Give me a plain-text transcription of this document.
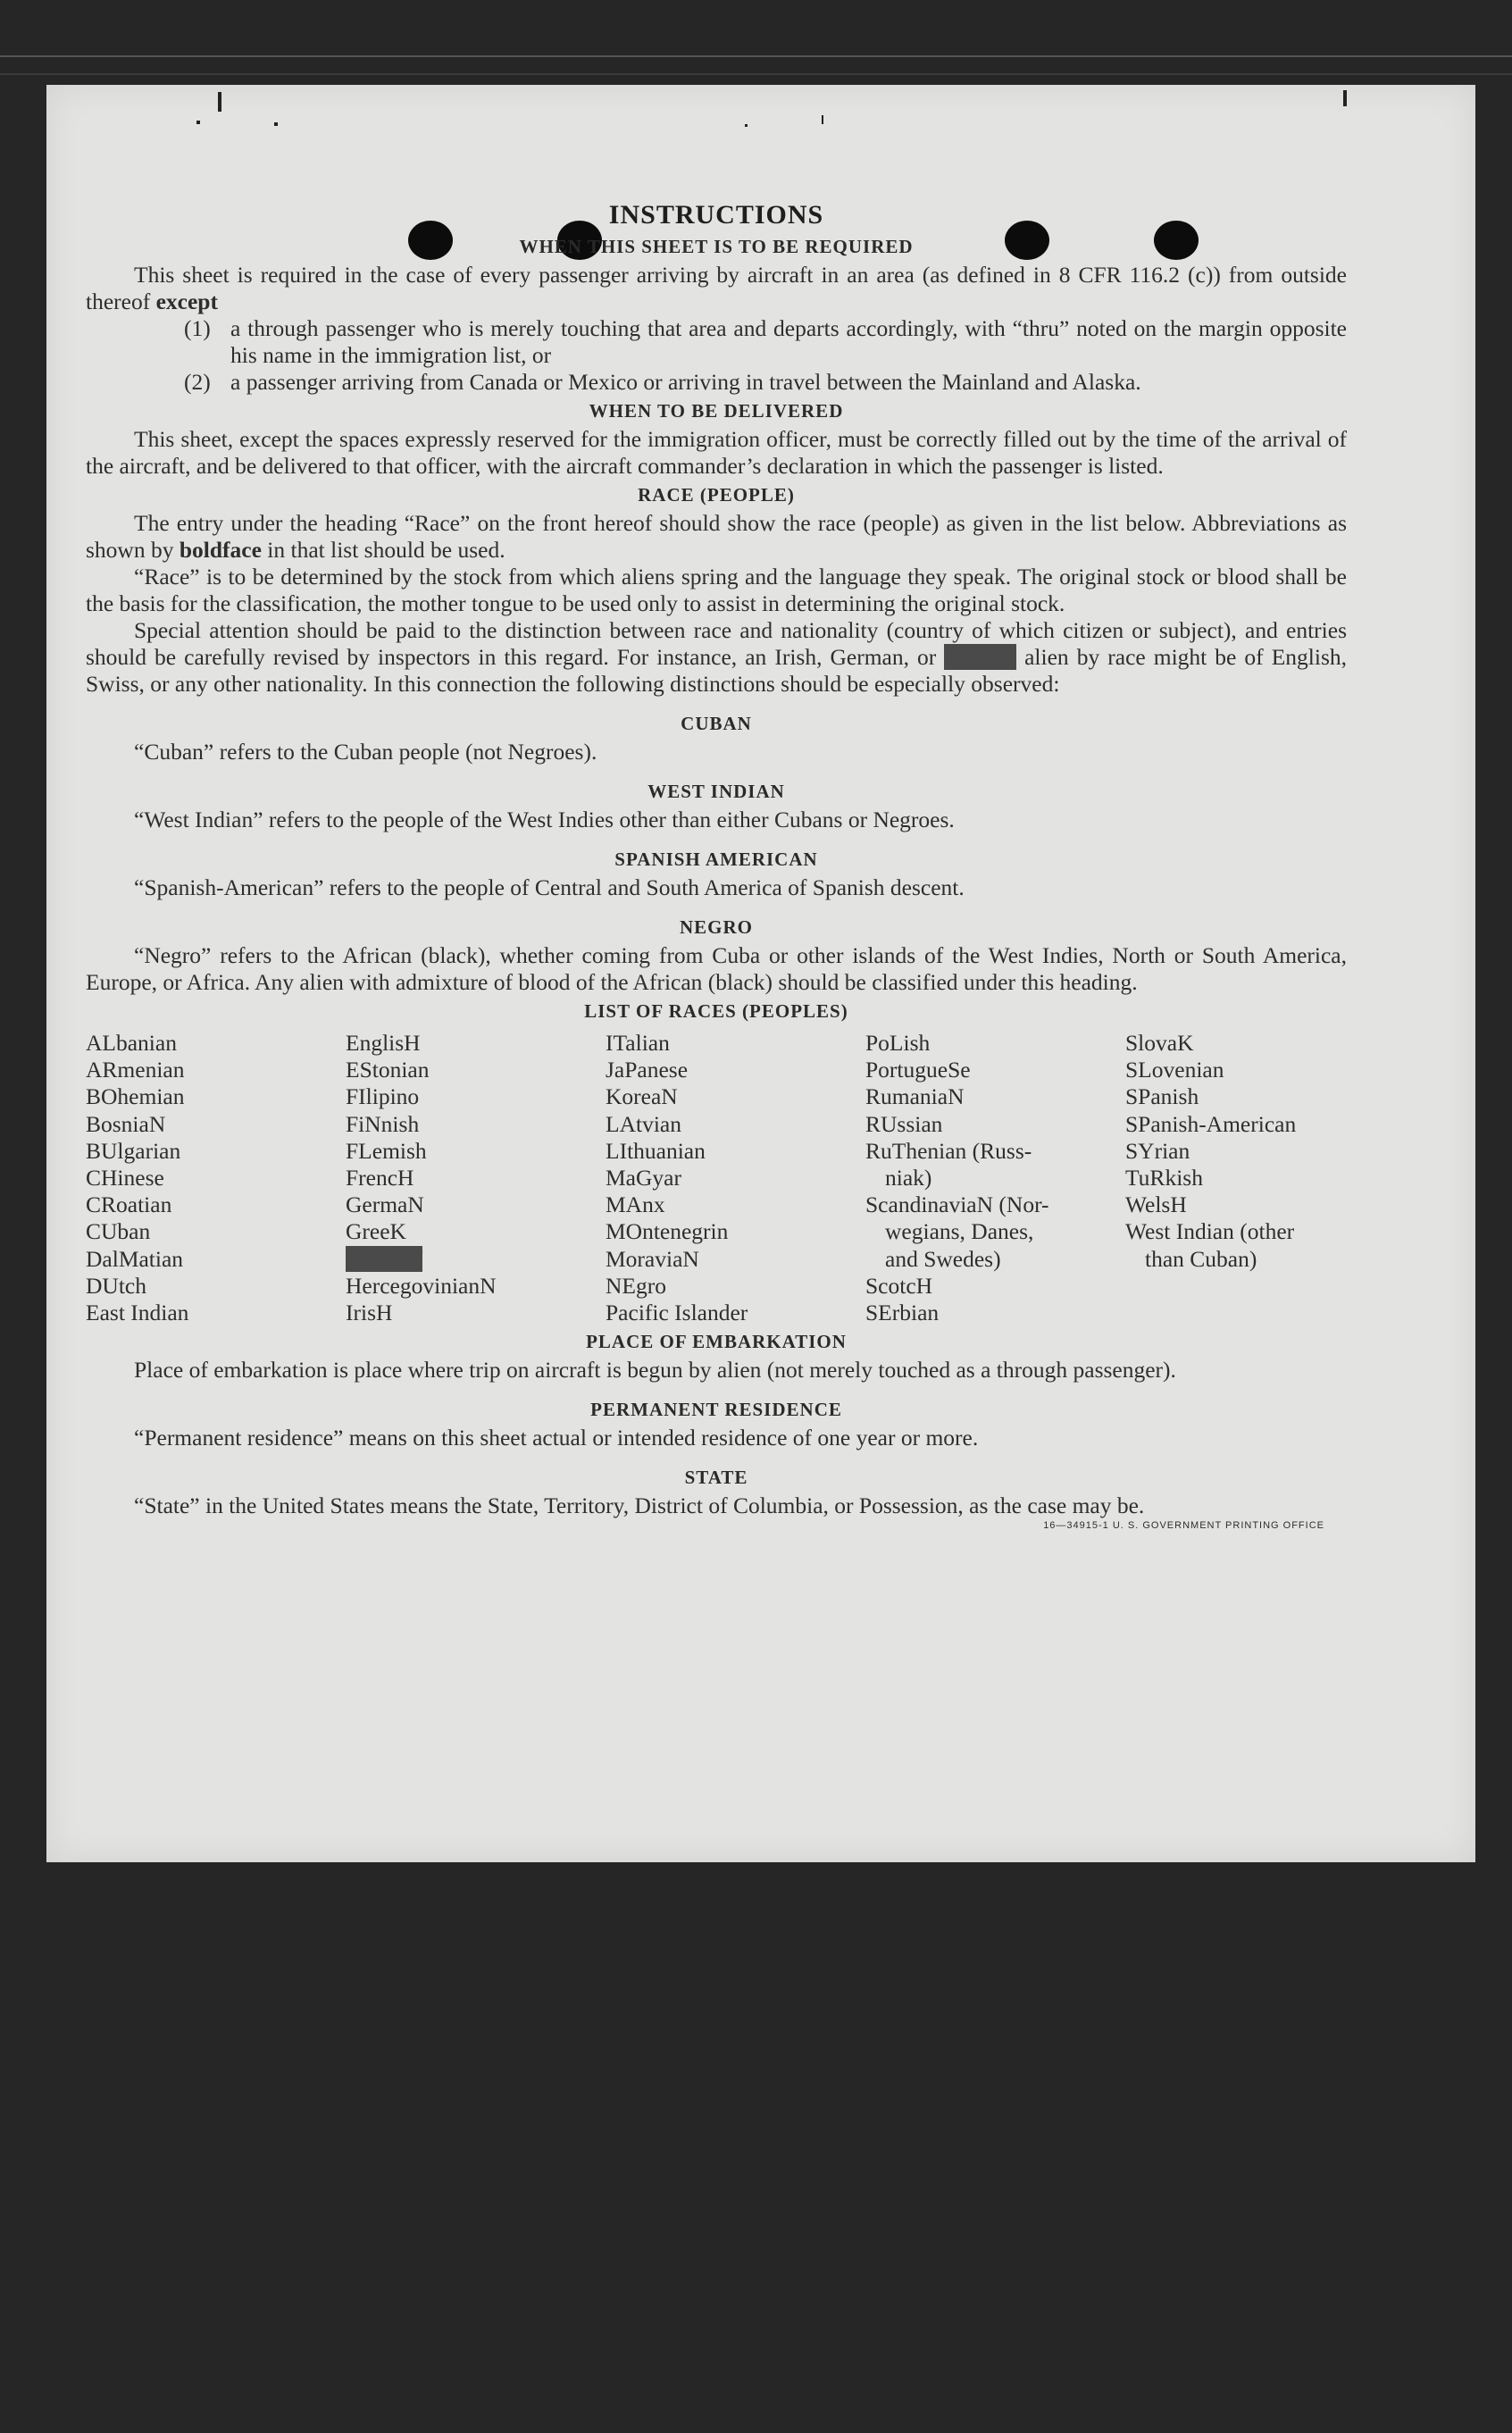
INSTRUCTIONS
WHEN THIS SHEET IS TO BE REQUIRED

This sheet is required in the case of every passenger arriving by aircraft in an area (as defined in 8 CFR 116.2 (c)) from outside thereof except

(1) a through passenger who is merely touching that area and departs accordingly, with “thru” noted on the margin opposite his name in the immigration list, or
(2) a passenger arriving from Canada or Mexico or arriving in travel between the Mainland and Alaska.
WHEN TO BE DELIVERED

This sheet, except the spaces expressly reserved for the immigration officer, must be correctly filled out by the time of the arrival of the aircraft, and be delivered to that officer, with the aircraft commander’s declaration in which the passenger is listed.

RACE (PEOPLE)

The entry under the heading “Race” on the front hereof should show the race (people) as given in the list below. Abbreviations as shown by boldface in that list should be used.

“Race” is to be determined by the stock from which aliens spring and the language they speak. The original stock or blood shall be the basis for the classification, the mother tongue to be used only to assist in determining the original stock.

Special attention should be paid to the distinction between race and nationality (country of which citizen or subject), and entries should be carefully revised by inspectors in this regard. For instance, an Irish, German, or Hebrew alien by race might be of English, Swiss, or any other nationality. In this connection the following distinctions should be especially observed:

CUBAN

“Cuban” refers to the Cuban people (not Negroes).

WEST INDIAN

“West Indian” refers to the people of the West Indies other than either Cubans or Negroes.

SPANISH AMERICAN

“Spanish-American” refers to the people of Central and South America of Spanish descent.

NEGRO

“Negro” refers to the African (black), whether coming from Cuba or other islands of the West Indies, North or South America, Europe, or Africa. Any alien with admixture of blood of the African (black) should be classified under this heading.

LIST OF RACES (PEOPLES)
ALbanian
ARmenian
BOhemian
BosniaN
BUlgarian
CHinese
CRoatian
CUban
DalMatian
DUtch
East Indian
EnglisH
EStonian
FIlipino
FiNnish
FLemish
FrencH
GermaN
GreeK
HebreW
HercegovinianN
IrisH
ITalian
JaPanese
KoreaN
LAtvian
LIthuanian
MaGyar
MAnx
MOntenegrin
MoraviaN
NEgro
Pacific Islander
PoLish
PortugueSe
RumaniaN
RUssian
RuThenian (Russ-
niak)
ScandinaviaN (Nor-
wegians, Danes,
and Swedes)
ScotcH
SErbian
SlovaK
SLovenian
SPanish
SPanish-American
SYrian
TuRkish
WelsH
West Indian (other
than Cuban)
PLACE OF EMBARKATION

Place of embarkation is place where trip on aircraft is begun by alien (not merely touched as a through passenger).

PERMANENT RESIDENCE

“Permanent residence” means on this sheet actual or intended residence of one year or more.

STATE

“State” in the United States means the State, Territory, District of Columbia, or Possession, as the case may be.

16—34915-1 U. S. GOVERNMENT PRINTING OFFICE
